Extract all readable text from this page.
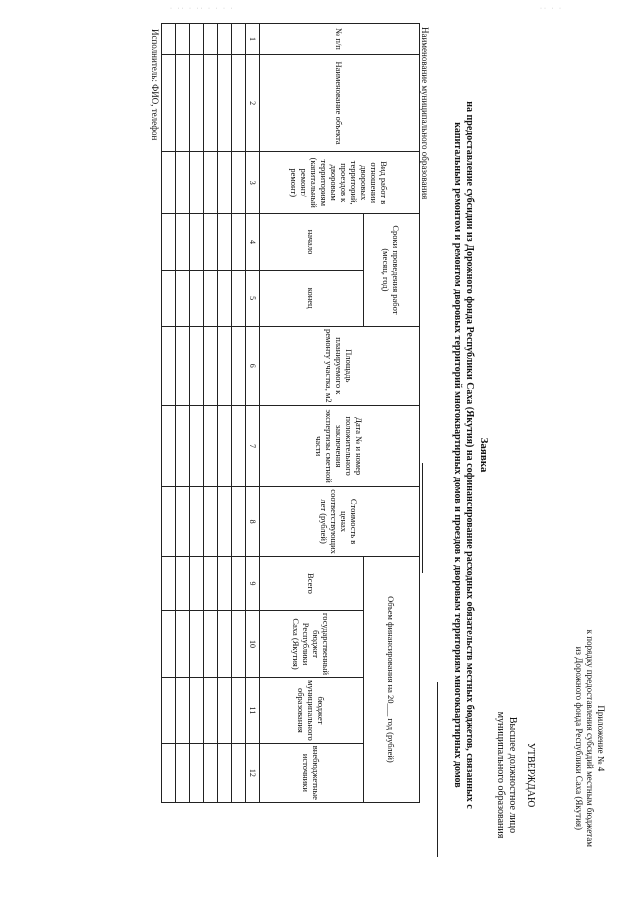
· ·· · ·· · · · ·	·· · ·
Приложение № 4
к порядку предоставления субсидий местным бюджетам
из Дорожного фонда Республики Саха (Якутия)
УТВЕРЖДАЮ
Высшее должностное лицо
муниципального образования
Заявка
на предоставление субсидии из Дорожного фонда Республики Саха (Якутия) на софинансирование расходных обязательств местных бюджетов, связанных с капитальным ремонтом и ремонтом дворовых территорий многоквартирных домов и проездов к дворовым территориям многоквартирных домов
Наименование муниципального образования
№ п/п	Наименование объекта	Вид работ в отношении дворовых территорий, проездов к дворовым территориям (капитальный ремонт/ ремонт)	Сроки проведения работ (месяц, год)		Площадь планируемого к ремонту участка, м2	Дата № и номер положительного заключения экспертизы сметной части	Стоимость в ценах соответствующих лет (рублей)	Объем финансирования на 20___ год (рублей)			
			начало	конец				Всего	государственный бюджет Республики Саха (Якутия)	бюджет муниципального образования	внебюджетные источники
1	2	3	4	5	6	7	8	9	10	11	12

Исполнитель: ФИО, телефон
